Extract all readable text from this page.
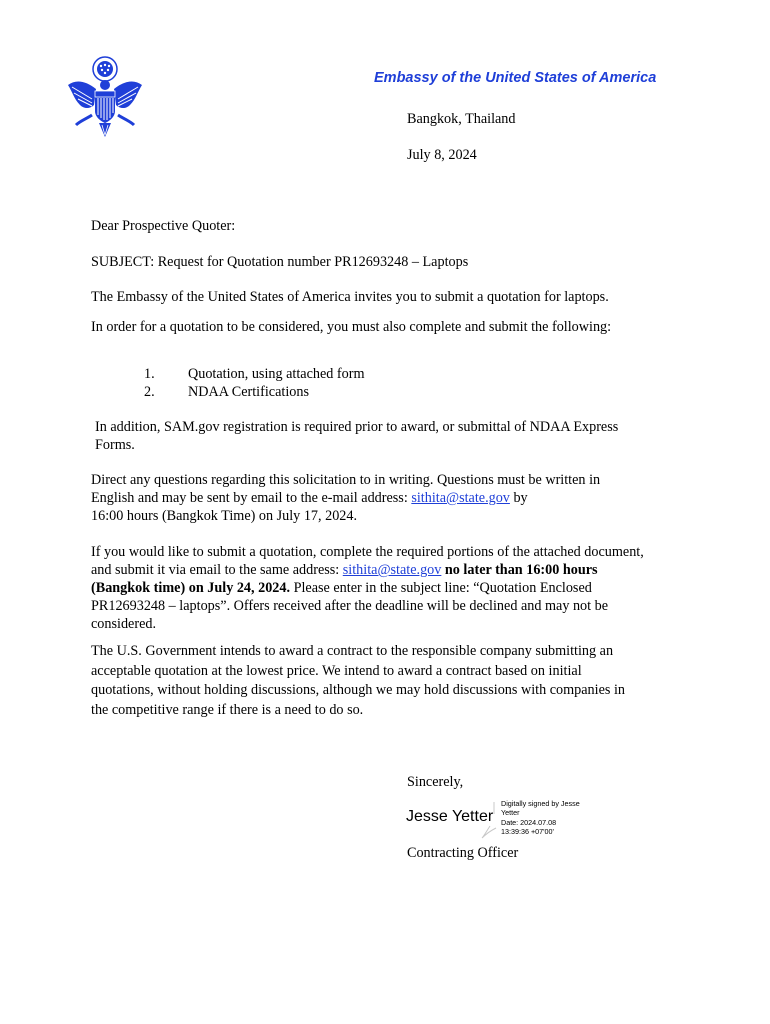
Embassy of the United States of America
Bangkok, Thailand
July 8, 2024
Dear Prospective Quoter:
SUBJECT: Request for Quotation number PR12693248 – Laptops
The Embassy of the United States of America invites you to submit a quotation for laptops.
In order for a quotation to be considered, you must also complete and submit the following:
1.	Quotation, using attached form
2.	NDAA Certifications
In addition, SAM.gov registration is required prior to award, or submittal of NDAA Express
Forms.
Direct any questions regarding this solicitation to in writing. Questions must be written in
English and may be sent by email to the e-mail address: sithita@state.gov by
16:00 hours (Bangkok Time) on July 17, 2024.
If you would like to submit a quotation, complete the required portions of the attached document,
and submit it via email to the same address: sithita@state.gov no later than 16:00 hours
(Bangkok time) on July 24, 2024. Please enter in the subject line: “Quotation Enclosed
PR12693248 – laptops”. Offers received after the deadline will be declined and may not be
considered.
The U.S. Government intends to award a contract to the responsible company submitting an
acceptable quotation at the lowest price. We intend to award a contract based on initial
quotations, without holding discussions, although we may hold discussions with companies in
the competitive range if there is a need to do so.
Sincerely,
Jesse Yetter
Digitally signed by Jesse
Yetter
Date: 2024.07.08
13:39:36 +07'00'
Contracting Officer
